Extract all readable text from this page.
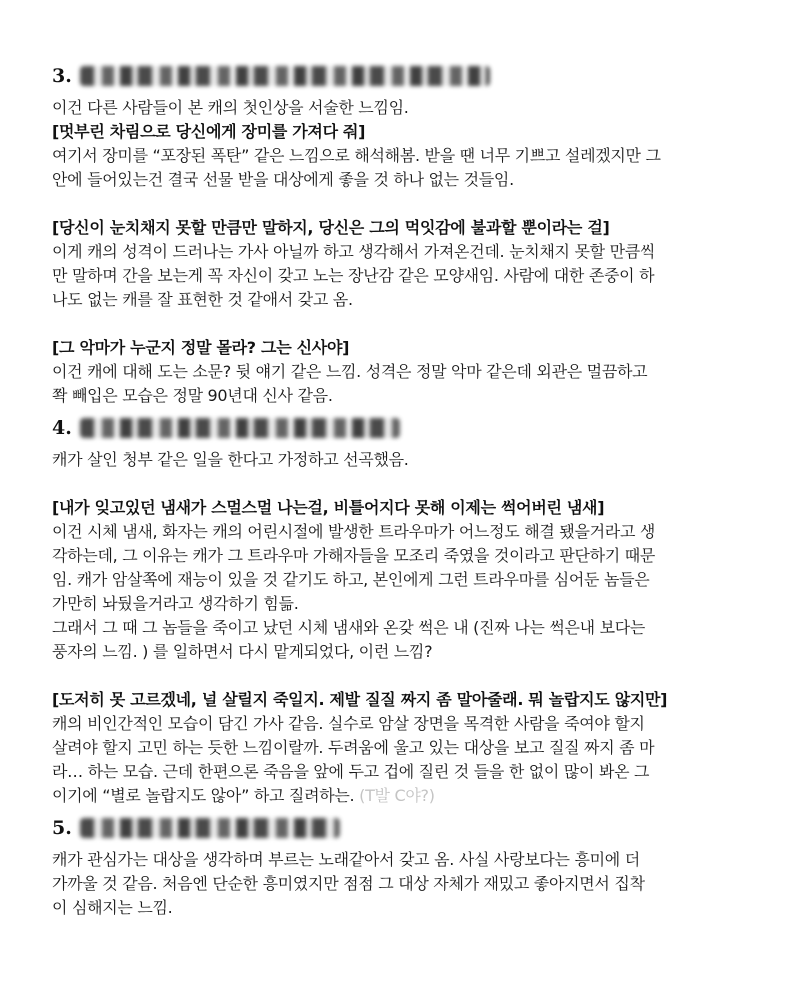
3.

이건 다른 사람들이 본 캐의 첫인상을 서술한 느낌임.

[멋부린 차림으로 당신에게 장미를 가져다 줘]

여기서 장미를 “포장된 폭탄” 같은 느낌으로 해석해봄. 받을 땐 너무 기쁘고 설레겠지만 그

안에 들어있는건 결국 선물 받을 대상에게 좋을 것 하나 없는 것들임.

[당신이 눈치채지 못할 만큼만 말하지, 당신은 그의 먹잇감에 불과할 뿐이라는 걸]

이게 캐의 성격이 드러나는 가사 아닐까 하고 생각해서 가져온건데. 눈치채지 못할 만큼씩

만 말하며 간을 보는게 꼭 자신이 갖고 노는 장난감 같은 모양새임. 사람에 대한 존중이 하

나도 없는 캐를 잘 표현한 것 같애서 갖고 옴.

[그 악마가 누군지 정말 몰라? 그는 신사야]

이건 캐에 대해 도는 소문? 뒷 얘기 같은 느낌. 성격은 정말 악마 같은데 외관은 멀끔하고

쫙 빼입은 모습은 정말 90년대 신사 같음.

4.

캐가 살인 청부 같은 일을 한다고 가정하고 선곡했음.

[내가 잊고있던 냄새가 스멀스멀 나는걸, 비틀어지다 못해 이제는 썩어버린 냄새]

이건 시체 냄새, 화자는 캐의 어린시절에 발생한 트라우마가 어느정도 해결 됐을거라고 생

각하는데, 그 이유는 캐가 그 트라우마 가해자들을 모조리 죽였을 것이라고 판단하기 때문

임. 캐가 암살쪽에 재능이 있을 것 같기도 하고, 본인에게 그런 트라우마를 심어둔 놈들은

가만히 놔뒀을거라고 생각하기 힘듦.

그래서 그 때 그 놈들을 죽이고 났던 시체 냄새와 온갖 썩은 내 (진짜 나는 썩은내 보다는

풍자의 느낌. ) 를 일하면서 다시 맡게되었다, 이런 느낌?

[도저히 못 고르겠네, 널 살릴지 죽일지. 제발 질질 짜지 좀 말아줄래. 뭐 놀랍지도 않지만]

캐의 비인간적인 모습이 담긴 가사 같음. 실수로 암살 장면을 목격한 사람을 죽여야 할지

살려야 할지 고민 하는 듯한 느낌이랄까. 두려움에 울고 있는 대상을 보고 질질 짜지 좀 마

라… 하는 모습. 근데 한편으론 죽음을 앞에 두고 겁에 질린 것 들을 한 없이 많이 봐온 그

이기에 “별로 놀랍지도 않아” 하고 질려하는. (T발 C야?)

5.

캐가 관심가는 대상을 생각하며 부르는 노래같아서 갖고 옴. 사실 사랑보다는 흥미에 더

가까울 것 같음. 처음엔 단순한 흥미였지만 점점 그 대상 자체가 재밌고 좋아지면서 집착

이 심해지는 느낌.
